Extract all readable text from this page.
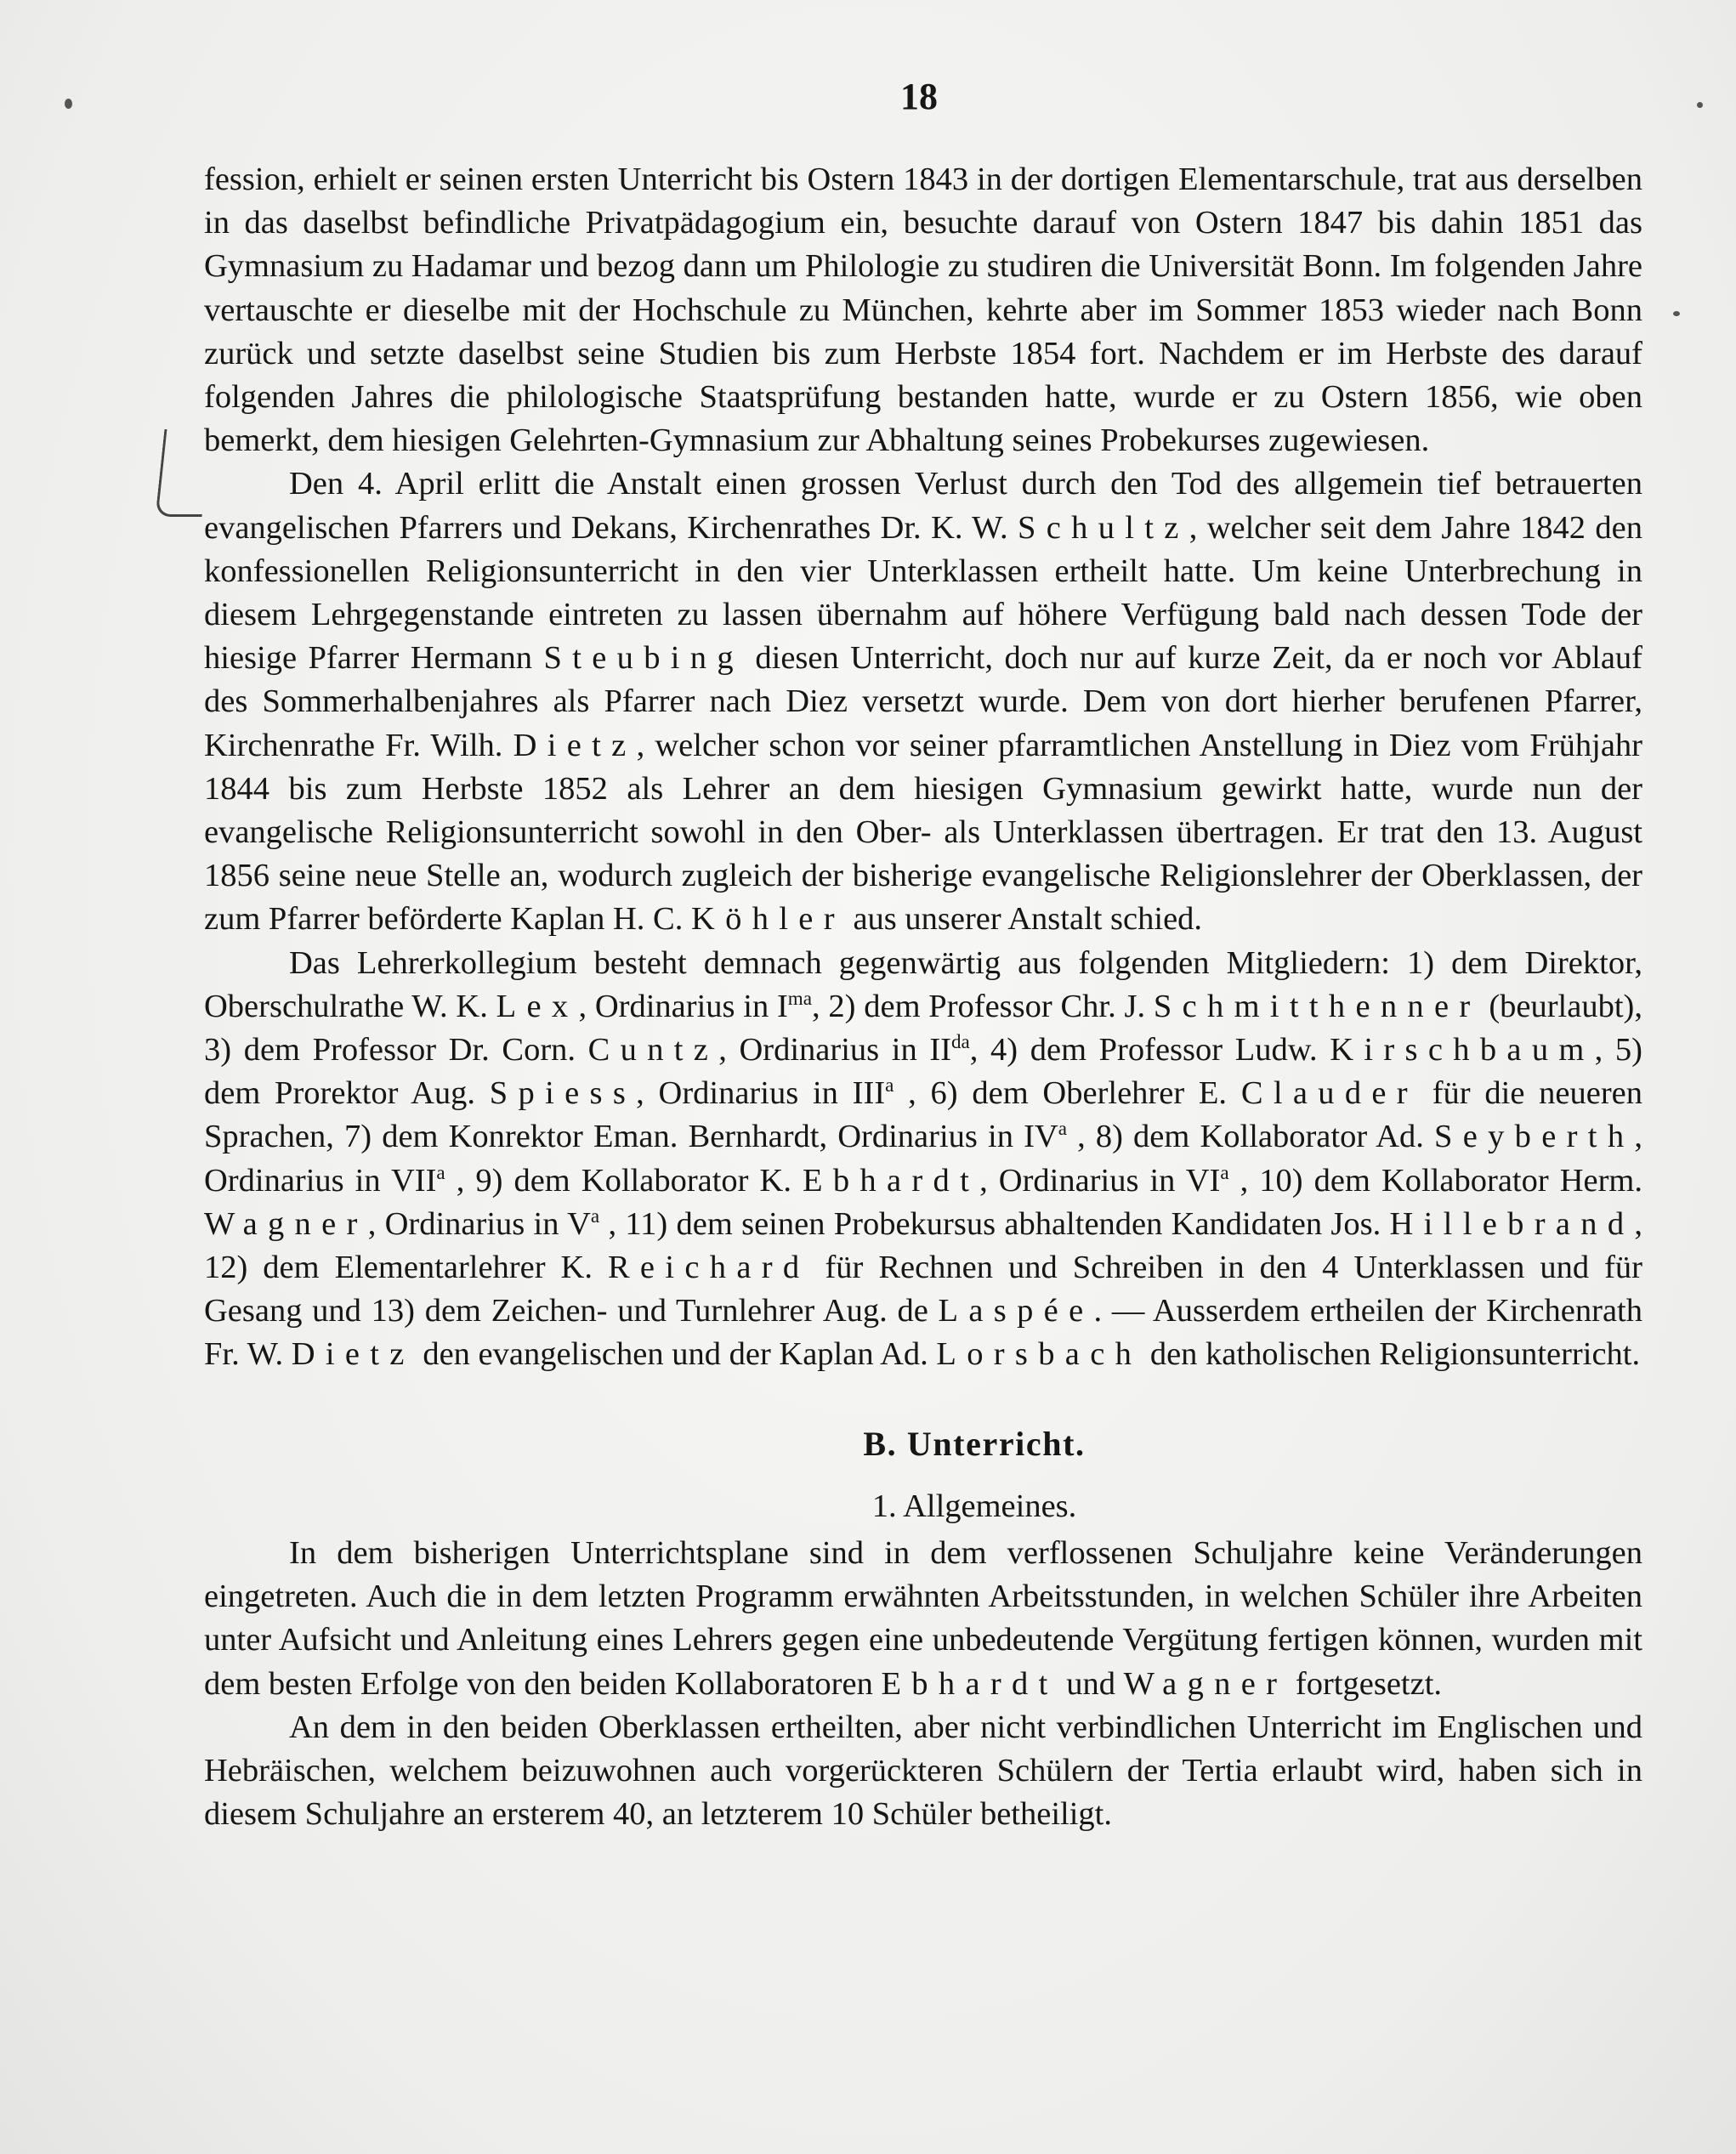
18

fession, erhielt er seinen ersten Unterricht bis Ostern 1843 in der dortigen Elementarschule, trat aus derselben in das daselbst befindliche Privatpädagogium ein, besuchte darauf von Ostern 1847 bis dahin 1851 das Gymnasium zu Hadamar und bezog dann um Philologie zu studiren die Universität Bonn. Im folgenden Jahre vertauschte er dieselbe mit der Hochschule zu München, kehrte aber im Sommer 1853 wieder nach Bonn zurück und setzte daselbst seine Studien bis zum Herbste 1854 fort. Nachdem er im Herbste des darauf folgenden Jahres die philologische Staatsprüfung bestanden hatte, wurde er zu Ostern 1856, wie oben bemerkt, dem hiesigen Gelehrten-Gymnasium zur Abhaltung seines Probekurses zugewiesen.

Den 4. April erlitt die Anstalt einen grossen Verlust durch den Tod des allgemein tief betrauerten evangelischen Pfarrers und Dekans, Kirchenrathes Dr. K. W. Schultz, welcher seit dem Jahre 1842 den konfessionellen Religionsunterricht in den vier Unterklassen ertheilt hatte. Um keine Unterbrechung in diesem Lehrgegenstande eintreten zu lassen übernahm auf höhere Verfügung bald nach dessen Tode der hiesige Pfarrer Hermann Steubing diesen Unterricht, doch nur auf kurze Zeit, da er noch vor Ablauf des Sommerhalbenjahres als Pfarrer nach Diez versetzt wurde. Dem von dort hierher berufenen Pfarrer, Kirchenrathe Fr. Wilh. Dietz, welcher schon vor seiner pfarramtlichen Anstellung in Diez vom Frühjahr 1844 bis zum Herbste 1852 als Lehrer an dem hiesigen Gymnasium gewirkt hatte, wurde nun der evangelische Religionsunterricht sowohl in den Ober- als Unterklassen übertragen. Er trat den 13. August 1856 seine neue Stelle an, wodurch zugleich der bisherige evangelische Religionslehrer der Oberklassen, der zum Pfarrer beförderte Kaplan H. C. Köhler aus unserer Anstalt schied.

Das Lehrerkollegium besteht demnach gegenwärtig aus folgenden Mitgliedern: 1) dem Direktor, Oberschulrathe W. K. Lex, Ordinarius in $I^{ma}$, 2) dem Professor Chr. J. Schmitthenner (beurlaubt), 3) dem Professor Dr. Corn. Cuntz, Ordinarius in $II^{da}$, 4) dem Professor Ludw. Kirschbaum, 5) dem Prorektor Aug. Spiess, Ordinarius in III$^a$ , 6) dem Oberlehrer E. Clauder für die neueren Sprachen, 7) dem Konrektor Eman. Bernhardt, Ordinarius in $IV^a$ , 8) dem Kollaborator Ad. Seyberth, Ordinarius in VII$^a$ , 9) dem Kollaborator K. Ebhardt, Ordinarius in $VI^a$ , 10) dem Kollaborator Herm. Wagner, Ordinarius in $V^a$ , 11) dem seinen Probekursus abhaltenden Kandidaten Jos. Hillebrand, 12) dem Elementarlehrer K. Reichard für Rechnen und Schreiben in den 4 Unterklassen und für Gesang und 13) dem Zeichen- und Turnlehrer Aug. de Laspée. — Ausserdem ertheilen der Kirchenrath Fr. W. Dietz den evangelischen und der Kaplan Ad. Lorsbach den katholischen Religionsunterricht.

B. Unterricht.
1. Allgemeines.

In dem bisherigen Unterrichtsplane sind in dem verflossenen Schuljahre keine Veränderungen eingetreten. Auch die in dem letzten Programm erwähnten Arbeitsstunden, in welchen Schüler ihre Arbeiten unter Aufsicht und Anleitung eines Lehrers gegen eine unbedeutende Vergütung fertigen können, wurden mit dem besten Erfolge von den beiden Kollaboratoren Ebhardt und Wagner fortgesetzt.

An dem in den beiden Oberklassen ertheilten, aber nicht verbindlichen Unterricht im Englischen und Hebräischen, welchem beizuwohnen auch vorgerückteren Schülern der Tertia erlaubt wird, haben sich in diesem Schuljahre an ersterem 40, an letzterem 10 Schüler betheiligt.
